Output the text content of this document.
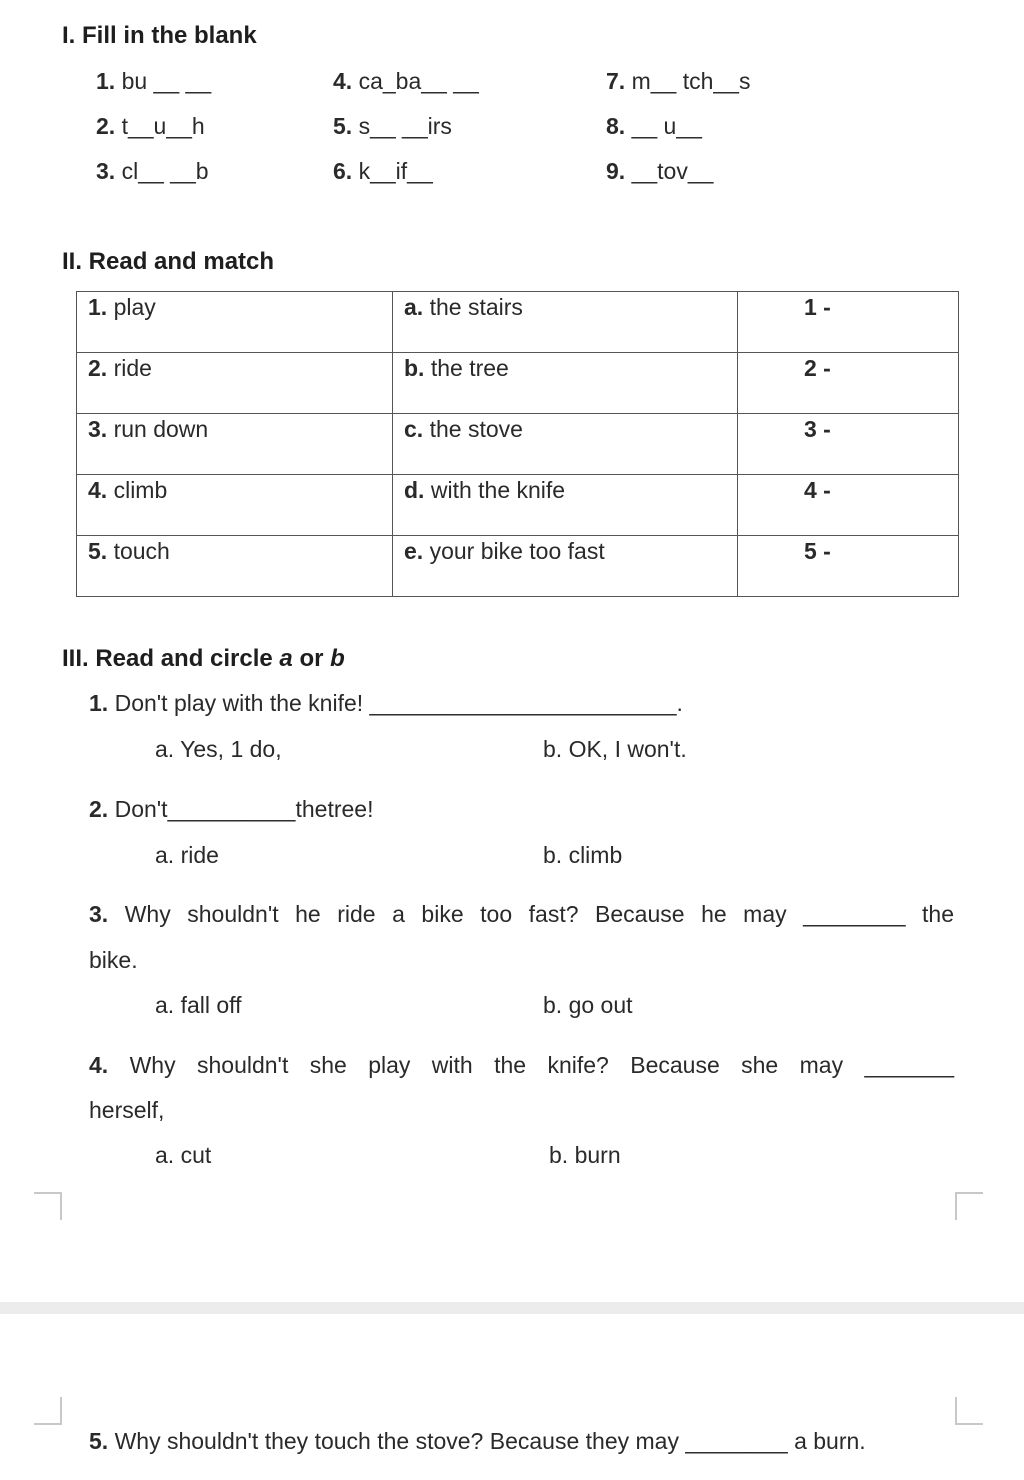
I. Fill in the blank
1. bu __ __	4. ca_ba__ __	7. m__ tch__s
2. t__u__h	5. s__ __irs	8. __ u__
3. cl__ __b	6. k__if__	9. __tov__
II. Read and match
1. play	a. the stairs	1 -
2. ride	b. the tree	2 -
3. run down	c. the stove	3 -
4. climb	d. with the knife	4 -
5. touch	e. your bike too fast	5 -
III. Read and circle a or b
1. Don't play with the knife! ________________________.
a. Yes, 1 do,	b. OK, I won't.
2. Don't__________thetree!
a. ride	b. climb
3. Why shouldn't he ride a bike too fast? Because he may ________ the
bike.
a. fall off	b. go out
4. Why shouldn't she play with the knife? Because she may _______
herself,
a. cut	b. burn
5. Why shouldn't they touch the stove? Because they may ________ a burn.
